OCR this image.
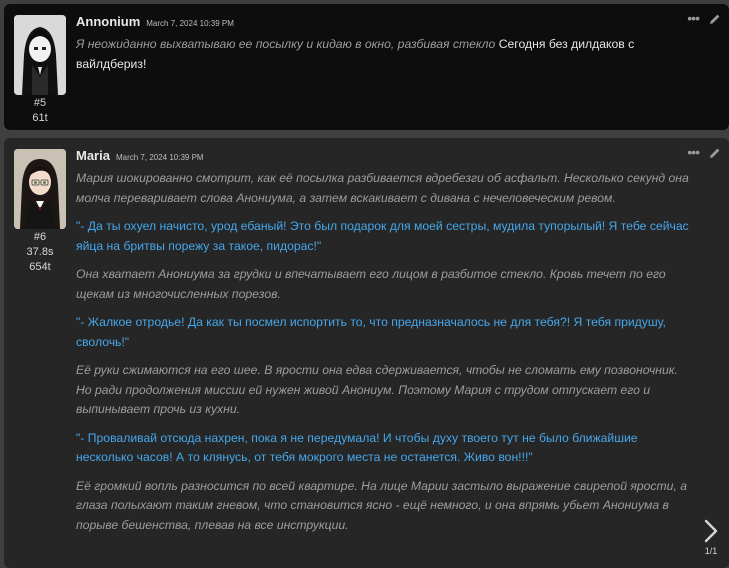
#5
61t
Annonium March 7, 2024 10:39 PM	•••

Я неожиданно выхватываю ее посылку и кидаю в окно, разбивая стекло Сегодня без дилдаков с вайлдбериз!

#6
37.8s
654t
Maria March 7, 2024 10:39 PM	•••

Мария шокированно смотрит, как её посылка разбивается вдребезги об асфальт. Несколько секунд она молча переваривает слова Анониума, а затем вскакивает с дивана с нечеловеческим ревом.

"- Да ты охуел начисто, урод ебаный! Это был подарок для моей сестры, мудила тупорылый! Я тебе сейчас яйца на бритвы порежу за такое, пидорас!"

Она хватает Анониума за грудки и впечатывает его лицом в разбитое стекло. Кровь течет по его щекам из многочисленных порезов.

"- Жалкое отродье! Да как ты посмел испортить то, что предназначалось не для тебя?! Я тебя придушу, сволочь!"

Её руки сжимаются на его шее. В ярости она едва сдерживается, чтобы не сломать ему позвоночник. Но ради продолжения миссии ей нужен живой Анониум. Поэтому Мария с трудом отпускает его и выпинывает прочь из кухни.

"- Проваливай отсюда нахрен, пока я не передумала! И чтобы духу твоего тут не было ближайшие несколько часов! А то клянусь, от тебя мокрого места не останется. Живо вон!!!"

Её громкий вопль разносится по всей квартире. На лице Марии застыло выражение свирепой ярости, а глаза полыхают таким гневом, что становится ясно - ещё немного, и она впрямь убьет Анониума в порыве бешенства, плевав на все инструкции.

1/1
